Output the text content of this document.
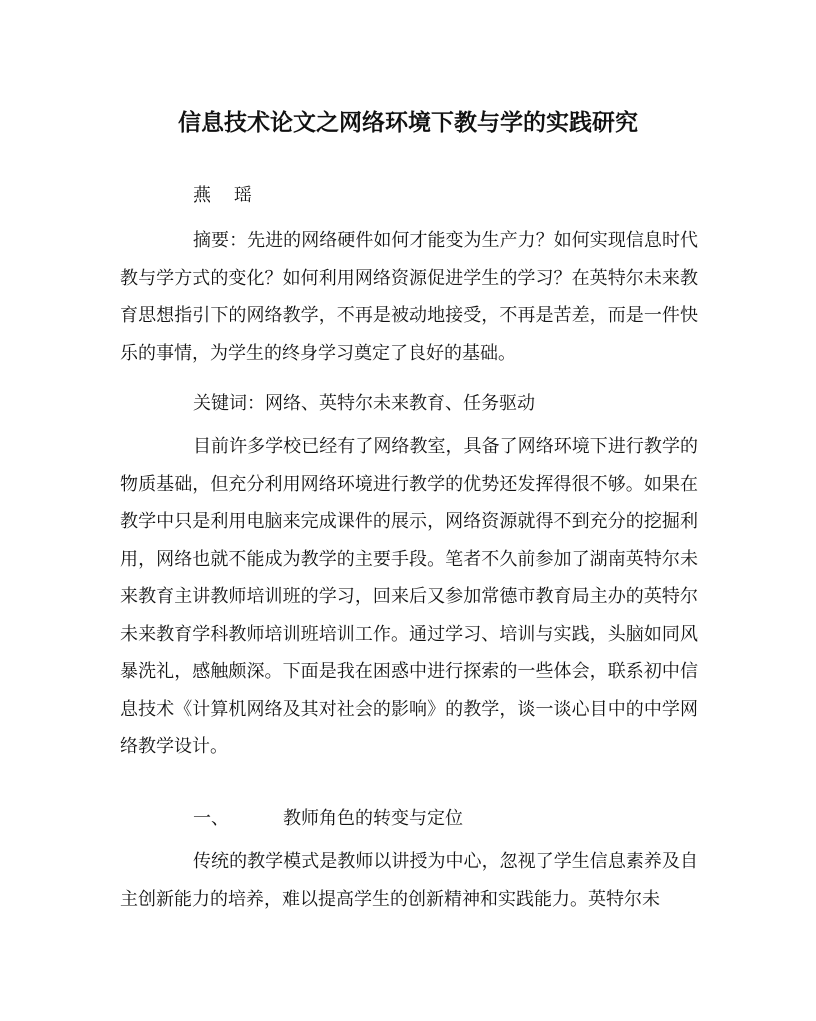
信息技术论文之网络环境下教与学的实践研究
燕    瑶

摘要：先进的网络硬件如何才能变为生产力？如何实现信息时代教与学方式的变化？如何利用网络资源促进学生的学习？在英特尔未来教育思想指引下的网络教学，不再是被动地接受，不再是苦差，而是一件快乐的事情，为学生的终身学习奠定了良好的基础。

关键词：网络、英特尔未来教育、任务驱动

目前许多学校已经有了网络教室，具备了网络环境下进行教学的物质基础，但充分利用网络环境进行教学的优势还发挥得很不够。如果在教学中只是利用电脑来完成课件的展示，网络资源就得不到充分的挖掘利用，网络也就不能成为教学的主要手段。笔者不久前参加了湖南英特尔未来教育主讲教师培训班的学习，回来后又参加常德市教育局主办的英特尔未来教育学科教师培训班培训工作。通过学习、培训与实践，头脑如同风暴洗礼，感触颇深。下面是我在困惑中进行探索的一些体会，联系初中信息技术《计算机网络及其对社会的影响》的教学，谈一谈心目中的中学网络教学设计。

一、	教师角色的转变与定位

传统的教学模式是教师以讲授为中心，忽视了学生信息素养及自主创新能力的培养，难以提高学生的创新精神和实践能力。英特尔未
